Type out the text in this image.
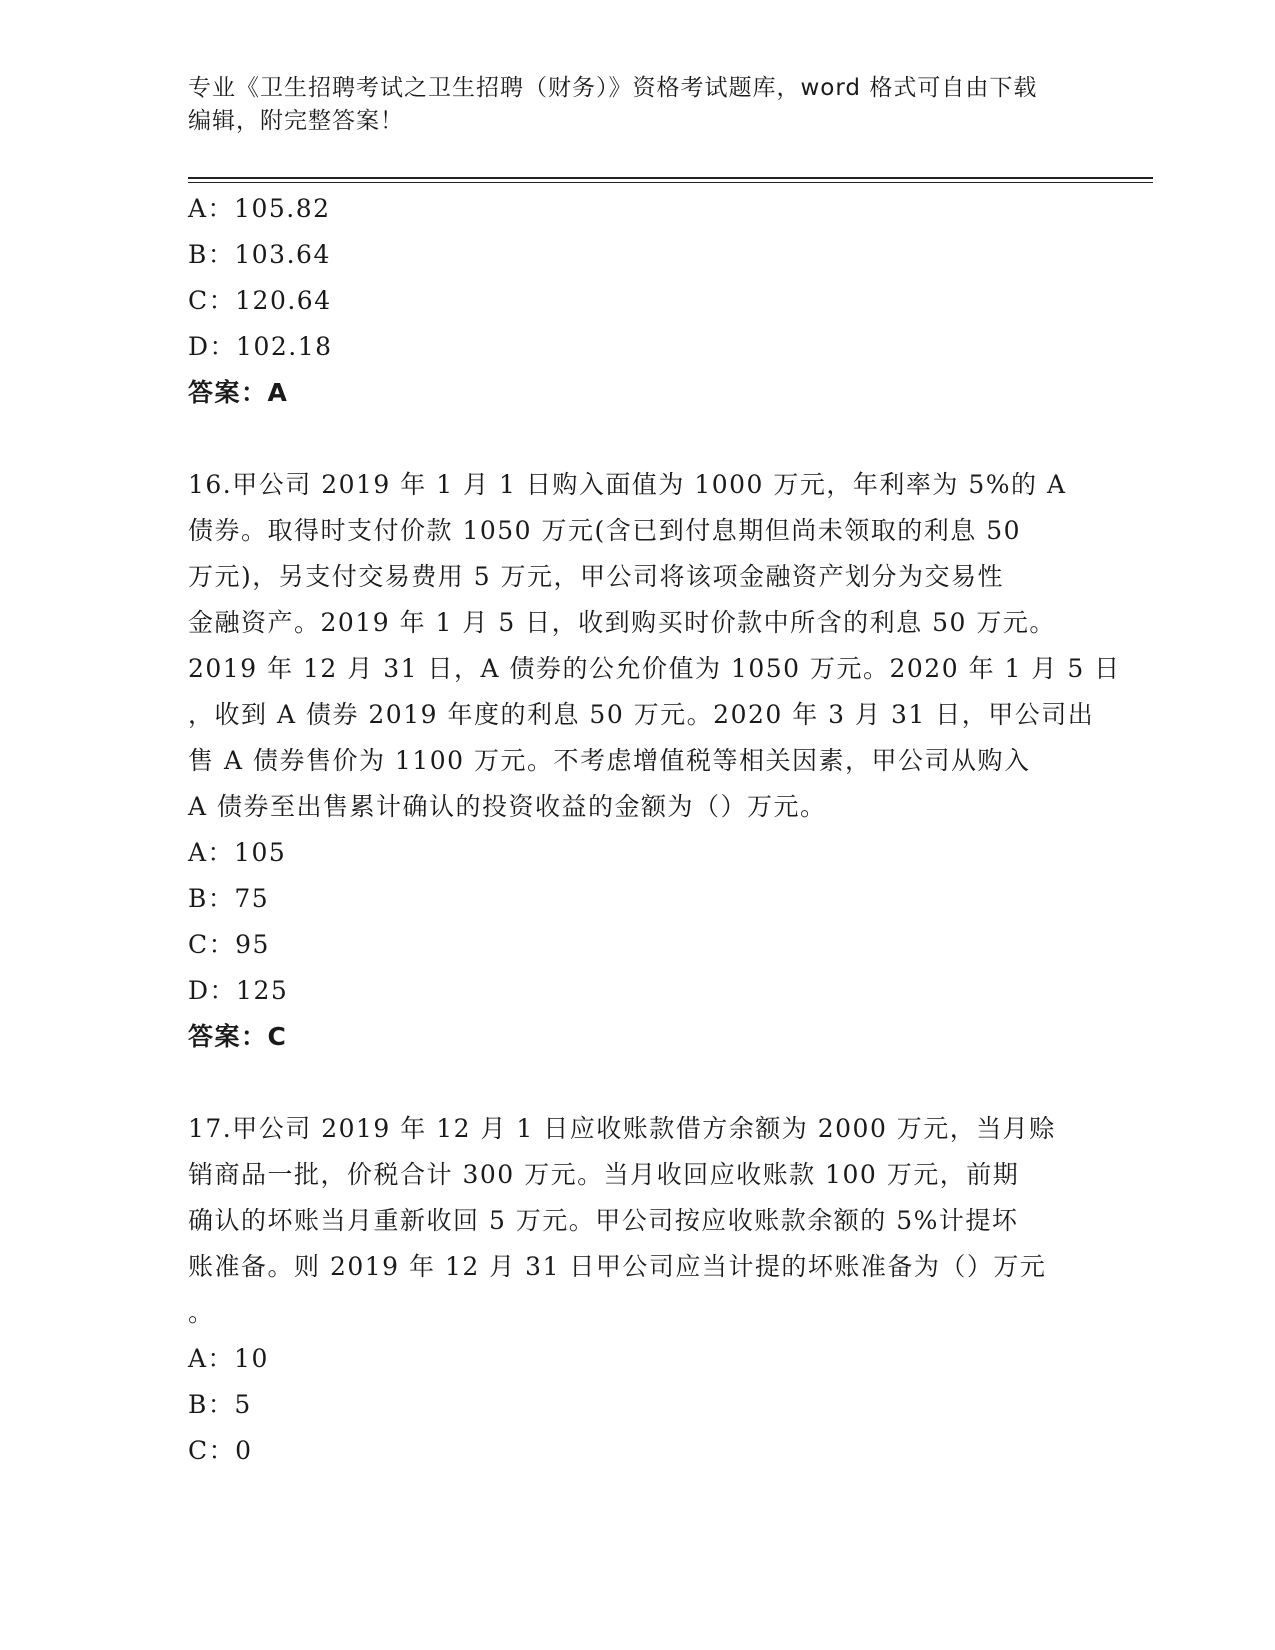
专业《卫生招聘考试之卫生招聘（财务）》资格考试题库，word 格式可自由下载
编辑，附完整答案！
A：105.82
B：103.64
C：120.64
D：102.18
答案：A
16.甲公司 2019 年 1 月 1 日购入面值为 1000 万元，年利率为 5%的 A
债券。取得时支付价款 1050 万元(含已到付息期但尚未领取的利息 50
万元)，另支付交易费用 5 万元，甲公司将该项金融资产划分为交易性
金融资产。2019 年 1 月 5 日，收到购买时价款中所含的利息 50 万元。
2019 年 12 月 31 日，A 债券的公允价值为 1050 万元。2020 年 1 月 5 日
，收到 A 债券 2019 年度的利息 50 万元。2020 年 3 月 31 日，甲公司出
售 A 债券售价为 1100 万元。不考虑增值税等相关因素，甲公司从购入
A 债券至出售累计确认的投资收益的金额为（）万元。
A：105
B：75
C：95
D：125
答案：C
17.甲公司 2019 年 12 月 1 日应收账款借方余额为 2000 万元，当月赊
销商品一批，价税合计 300 万元。当月收回应收账款 100 万元，前期
确认的坏账当月重新收回 5 万元。甲公司按应收账款余额的 5%计提坏
账准备。则 2019 年 12 月 31 日甲公司应当计提的坏账准备为（）万元
。
A：10
B：5
C：0
